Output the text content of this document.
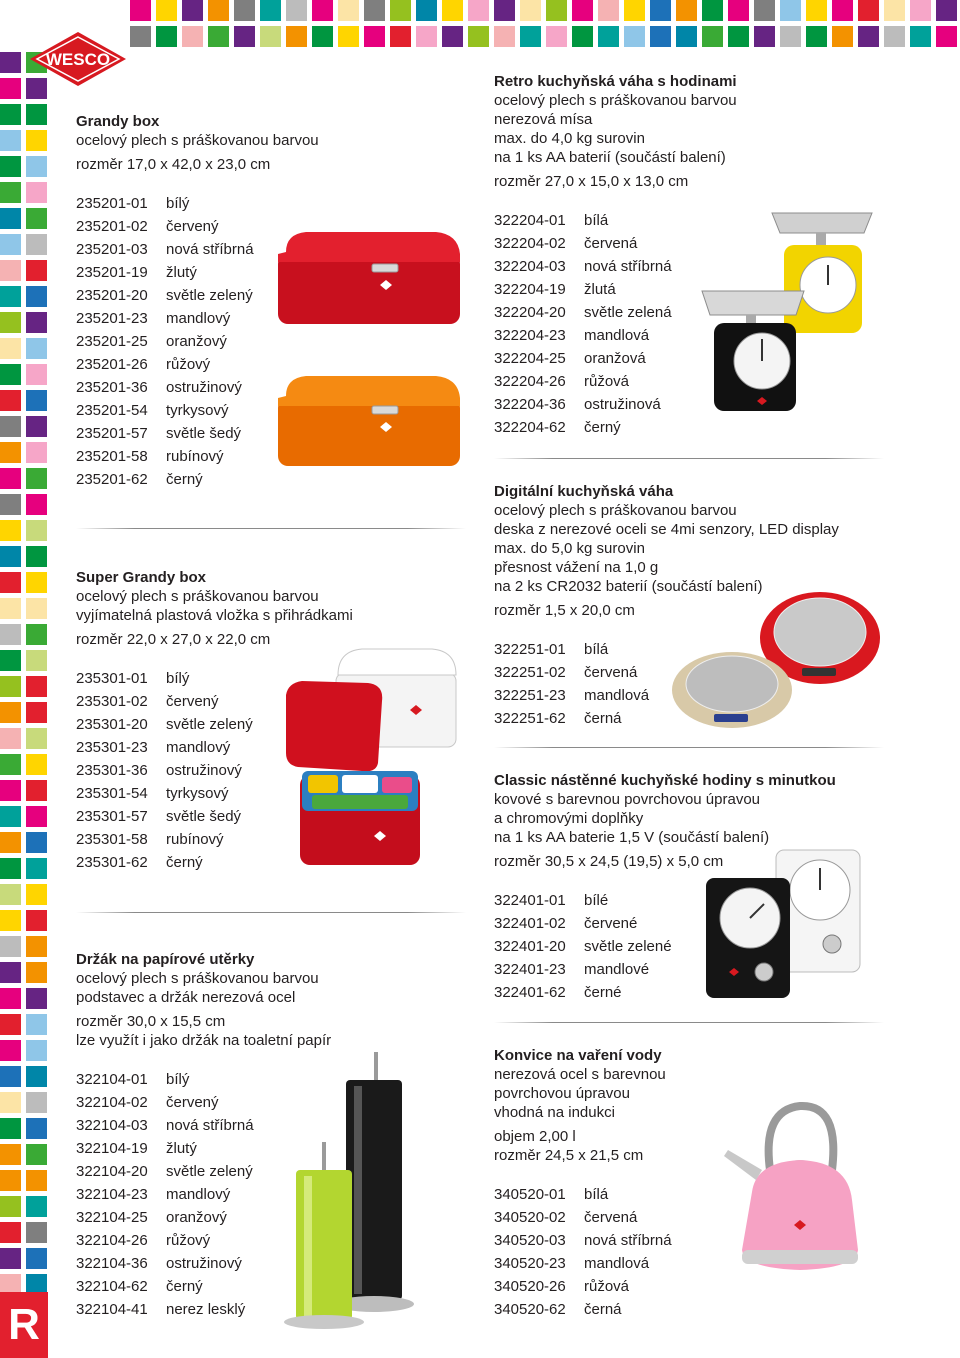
WESCO
Grandy box
ocelový plech s práškovanou barvou
rozměr 17,0 x 42,0 x 23,0 cm
235201-01 bílý
235201-02 červený
235201-03 nová stříbrná
235201-19 žlutý
235201-20 světle zelený
235201-23 mandlový
235201-25 oranžový
235201-26 růžový
235201-36 ostružinový
235201-54 tyrkysový
235201-57 světle šedý
235201-58 rubínový
235201-62 černý
Super Grandy box
ocelový plech s práškovanou barvou
vyjímatelná plastová vložka s přihrádkami
rozměr 22,0 x 27,0 x 22,0 cm
235301-01 bílý
235301-02 červený
235301-20 světle zelený
235301-23 mandlový
235301-36 ostružinový
235301-54 tyrkysový
235301-57 světle šedý
235301-58 rubínový
235301-62 černý
Držák na papírové utěrky
ocelový plech s práškovanou barvou
podstavec a držák nerezová ocel
rozměr 30,0 x 15,5 cm
lze využít i jako držák na toaletní papír
322104-01 bílý
322104-02 červený
322104-03 nová stříbrná
322104-19 žlutý
322104-20 světle zelený
322104-23 mandlový
322104-25 oranžový
322104-26 růžový
322104-36 ostružinový
322104-62 černý
322104-41 nerez lesklý
Retro kuchyňská váha s hodinami
ocelový plech s práškovanou barvou
nerezová mísa
max. do 4,0 kg surovin
na 1 ks AA baterií (součástí balení)
rozměr 27,0 x 15,0 x 13,0 cm
322204-01 bílá
322204-02 červená
322204-03 nová stříbrná
322204-19 žlutá
322204-20 světle zelená
322204-23 mandlová
322204-25 oranžová
322204-26 růžová
322204-36 ostružinová
322204-62 černý
Digitální kuchyňská váha
ocelový plech s práškovanou barvou
deska z nerezové oceli se 4mi senzory, LED display
max. do 5,0 kg surovin
přesnost vážení na 1,0 g
na 2 ks CR2032 baterií (součástí balení)
rozměr 1,5 x 20,0 cm
322251-01 bílá
322251-02 červená
322251-23 mandlová
322251-62 černá
Classic nástěnné kuchyňské hodiny s minutkou
kovové s barevnou povrchovou úpravou
a chromovými doplňky
na 1 ks AA baterie 1,5 V (součástí balení)
rozměr 30,5 x 24,5 (19,5) x 5,0 cm
322401-01 bílé
322401-02 červené
322401-20 světle zelené
322401-23 mandlové
322401-62 černé
Konvice na vaření vody
nerezová ocel s barevnou
povrchovou úpravou
vhodná na indukci
objem 2,00 l
rozměr 24,5 x 21,5 cm
340520-01 bílá
340520-02 červená
340520-03 nová stříbrná
340520-23 mandlová
340520-26 růžová
340520-62 černá
R
